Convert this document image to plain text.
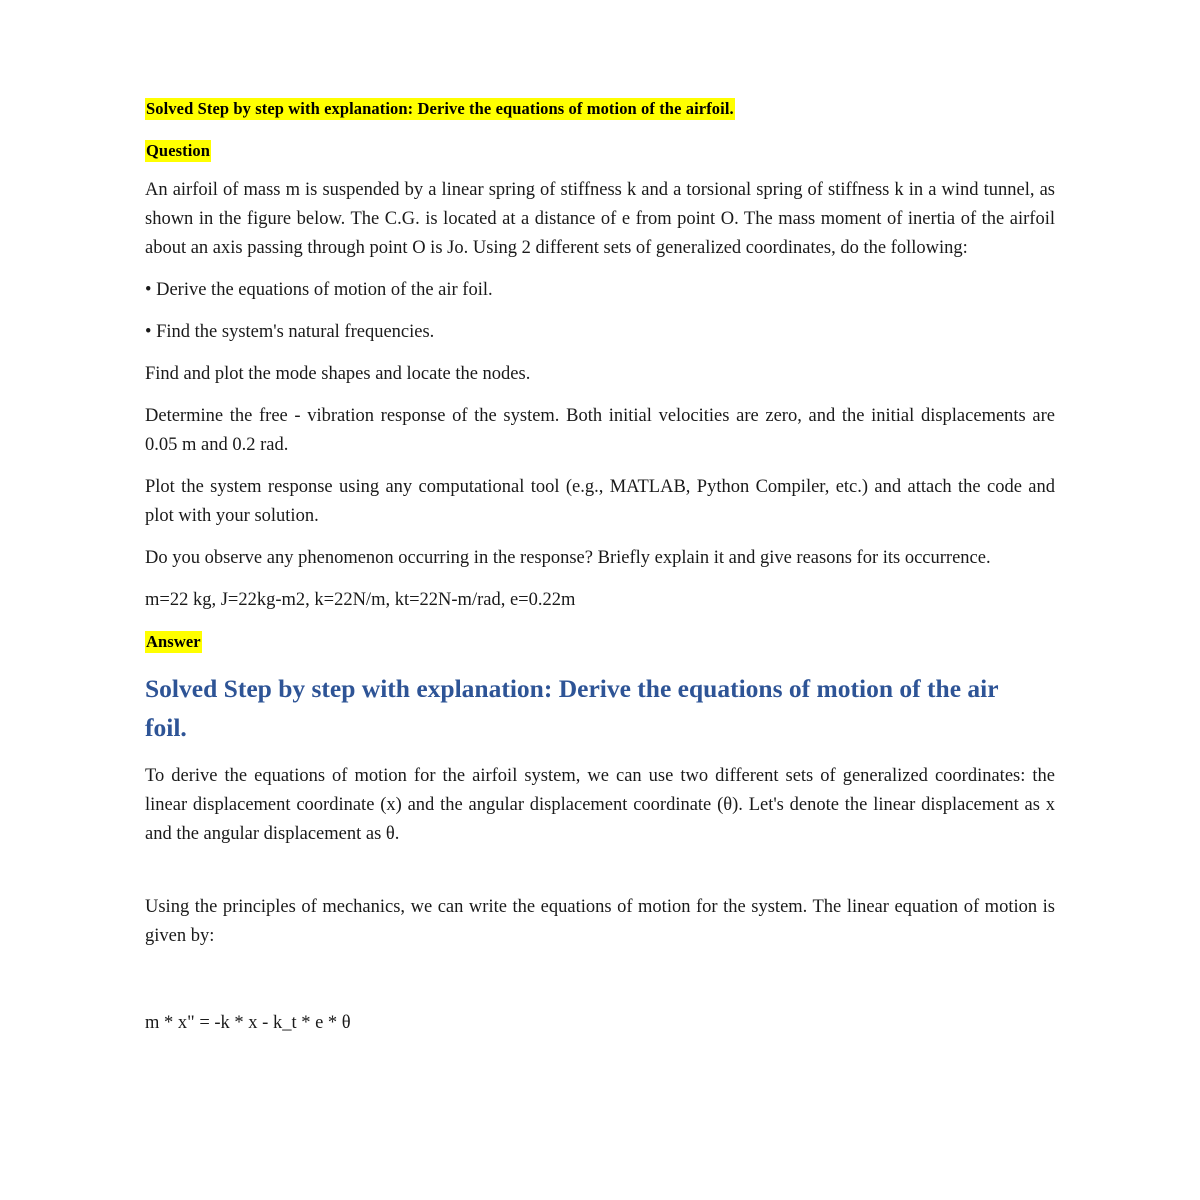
Solved Step by step with explanation: Derive the equations of motion of the airfoil.

Question

An airfoil of mass m is suspended by a linear spring of stiffness k and a torsional spring of stiffness k in a wind tunnel, as shown in the figure below. The C.G. is located at a distance of e from point O. The mass moment of inertia of the airfoil about an axis passing through point O is Jo. Using 2 different sets of generalized coordinates, do the following:

• Derive the equations of motion of the air foil.

• Find the system's natural frequencies.

Find and plot the mode shapes and locate the nodes.

Determine the free - vibration response of the system. Both initial velocities are zero, and the initial displacements are 0.05 m and 0.2 rad.

Plot the system response using any computational tool (e.g., MATLAB, Python Compiler, etc.) and attach the code and plot with your solution.

Do you observe any phenomenon occurring in the response? Briefly explain it and give reasons for its occurrence.

m=22 kg, J=22kg-m2, k=22N/m, kt=22N-m/rad, e=0.22m

Answer

Solved Step by step with explanation: Derive the equations of motion of the air foil.

To derive the equations of motion for the airfoil system, we can use two different sets of generalized coordinates: the linear displacement coordinate (x) and the angular displacement coordinate (θ). Let's denote the linear displacement as x and the angular displacement as θ.

Using the principles of mechanics, we can write the equations of motion for the system. The linear equation of motion is given by:

m * x" = -k * x - k_t * e * θ
